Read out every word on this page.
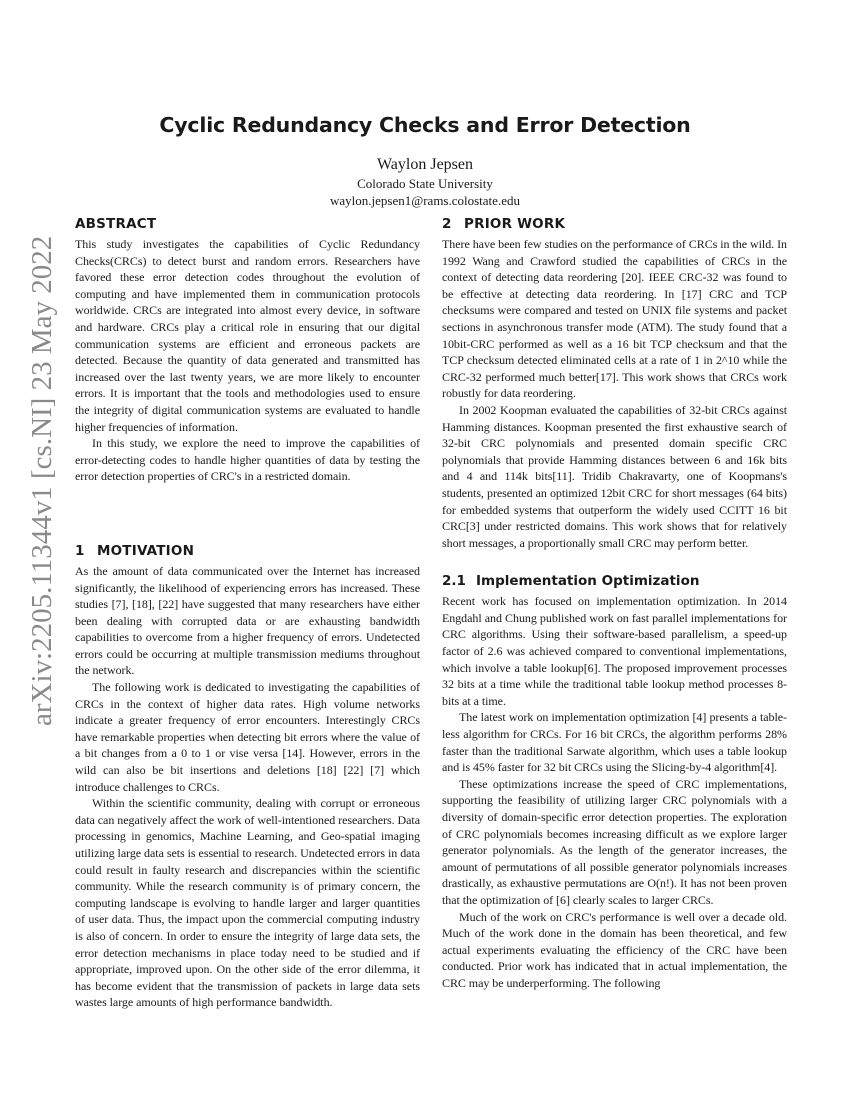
arXiv:2205.11344v1 [cs.NI] 23 May 2022
Cyclic Redundancy Checks and Error Detection
Waylon Jepsen
Colorado State University
waylon.jepsen1@rams.colostate.edu
ABSTRACT

This study investigates the capabilities of Cyclic Redundancy Checks(CRCs) to detect burst and random errors. Researchers have favored these error detection codes throughout the evolution of computing and have implemented them in communication protocols worldwide. CRCs are integrated into almost every device, in software and hardware. CRCs play a critical role in ensuring that our digital communication systems are efficient and erroneous packets are detected. Because the quantity of data generated and transmitted has increased over the last twenty years, we are more likely to encounter errors. It is important that the tools and methodologies used to ensure the integrity of digital communication systems are evaluated to handle higher frequencies of information.

In this study, we explore the need to improve the capabilities of error-detecting codes to handle higher quantities of data by testing the error detection properties of CRC's in a restricted domain.

1 MOTIVATION

As the amount of data communicated over the Internet has increased significantly, the likelihood of experiencing errors has increased. These studies [7], [18], [22] have suggested that many researchers have either been dealing with corrupted data or are exhausting bandwidth capabilities to overcome from a higher frequency of errors. Undetected errors could be occurring at multiple transmission mediums throughout the network.

The following work is dedicated to investigating the capabilities of CRCs in the context of higher data rates. High volume networks indicate a greater frequency of error encounters. Interestingly CRCs have remarkable properties when detecting bit errors where the value of a bit changes from a 0 to 1 or vise versa [14]. However, errors in the wild can also be bit insertions and deletions [18] [22] [7] which introduce challenges to CRCs.

Within the scientific community, dealing with corrupt or erroneous data can negatively affect the work of well-intentioned researchers. Data processing in genomics, Machine Learning, and Geo-spatial imaging utilizing large data sets is essential to research. Undetected errors in data could result in faulty research and discrepancies within the scientific community. While the research community is of primary concern, the computing landscape is evolving to handle larger and larger quantities of user data. Thus, the impact upon the commercial computing industry is also of concern. In order to ensure the integrity of large data sets, the error detection mechanisms in place today need to be studied and if appropriate, improved upon. On the other side of the error dilemma, it has become evident that the transmission of packets in large data sets wastes large amounts of high performance bandwidth.

2 PRIOR WORK

There have been few studies on the performance of CRCs in the wild. In 1992 Wang and Crawford studied the capabilities of CRCs in the context of detecting data reordering [20]. IEEE CRC-32 was found to be effective at detecting data reordering. In [17] CRC and TCP checksums were compared and tested on UNIX file systems and packet sections in asynchronous transfer mode (ATM). The study found that a 10bit-CRC performed as well as a 16 bit TCP checksum and that the TCP checksum detected eliminated cells at a rate of 1 in 2^10 while the CRC-32 performed much better[17]. This work shows that CRCs work robustly for data reordering.

In 2002 Koopman evaluated the capabilities of 32-bit CRCs against Hamming distances. Koopman presented the first exhaustive search of 32-bit CRC polynomials and presented domain specific CRC polynomials that provide Hamming distances between 6 and 16k bits and 4 and 114k bits[11]. Tridib Chakravarty, one of Koopmans's students, presented an optimized 12bit CRC for short messages (64 bits) for embedded systems that outperform the widely used CCITT 16 bit CRC[3] under restricted domains. This work shows that for relatively short messages, a proportionally small CRC may perform better.

2.1 Implementation Optimization

Recent work has focused on implementation optimization. In 2014 Engdahl and Chung published work on fast parallel implementations for CRC algorithms. Using their software-based parallelism, a speed-up factor of 2.6 was achieved compared to conventional implementations, which involve a table lookup[6]. The proposed improvement processes 32 bits at a time while the traditional table lookup method processes 8-bits at a time.

The latest work on implementation optimization [4] presents a table-less algorithm for CRCs. For 16 bit CRCs, the algorithm performs 28% faster than the traditional Sarwate algorithm, which uses a table lookup and is 45% faster for 32 bit CRCs using the Slicing-by-4 algorithm[4].

These optimizations increase the speed of CRC implementations, supporting the feasibility of utilizing larger CRC polynomials with a diversity of domain-specific error detection properties. The exploration of CRC polynomials becomes increasing difficult as we explore larger generator polynomials. As the length of the generator increases, the amount of permutations of all possible generator polynomials increases drastically, as exhaustive permutations are O(n!). It has not been proven that the optimization of [6] clearly scales to larger CRCs.

Much of the work on CRC's performance is well over a decade old. Much of the work done in the domain has been theoretical, and few actual experiments evaluating the efficiency of the CRC have been conducted. Prior work has indicated that in actual implementation, the CRC may be underperforming. The following
